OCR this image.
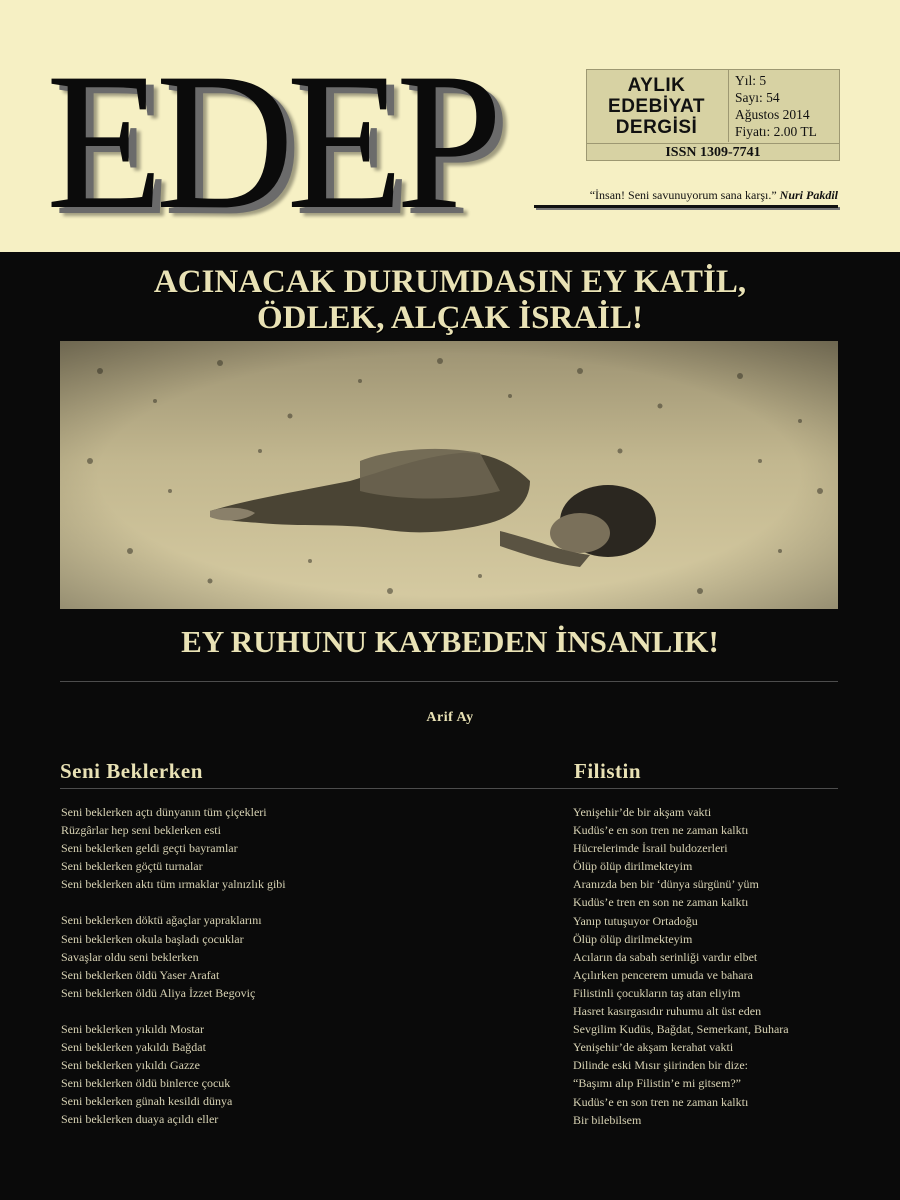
EDEP	AYLIK
EDEBİYAT
DERGİSİ
Yıl: 5
Sayı: 54
Ağustos 2014
Fiyatı: 2.00 TL
ISSN 1309-7741
“İnsan! Seni savunuyorum sana karşı.” Nuri Pakdil
ACINACAK DURUMDASIN EY KATİL,
ÖDLEK, ALÇAK İSRAİL!
EY RUHUNU KAYBEDEN İNSANLIK!
Arif Ay
Seni Beklerken
Seni beklerken açtı dünyanın tüm çiçekleri
Rüzgârlar hep seni beklerken esti
Seni beklerken geldi geçti bayramlar
Seni beklerken göçtü turnalar
Seni beklerken aktı tüm ırmaklar yalnızlık gibi
Seni beklerken döktü ağaçlar yapraklarını
Seni beklerken okula başladı çocuklar
Savaşlar oldu seni beklerken
Seni beklerken öldü Yaser Arafat
Seni beklerken öldü Aliya İzzet Begoviç
Seni beklerken yıkıldı Mostar
Seni beklerken yakıldı Bağdat
Seni beklerken yıkıldı Gazze
Seni beklerken öldü binlerce çocuk
Seni beklerken günah kesildi dünya
Seni beklerken duaya açıldı eller
Filistin
Yenişehir’de bir akşam vakti
Kudüs’e en son tren ne zaman kalktı
Hücrelerimde İsrail buldozerleri
Ölüp ölüp dirilmekteyim
Aranızda ben bir ‘dünya sürgünü’ yüm
Kudüs’e tren en son ne zaman kalktı
Yanıp tutuşuyor Ortadoğu
Ölüp ölüp dirilmekteyim
Acıların da sabah serinliği vardır elbet
Açılırken pencerem umuda ve bahara
Filistinli çocukların taş atan eliyim
Hasret kasırgasıdır ruhumu alt üst eden
Sevgilim Kudüs, Bağdat, Semerkant, Buhara
Yenişehir’de akşam kerahat vakti
Dilinde eski Mısır şiirinden bir dize:
“Başımı alıp Filistin’e mi gitsem?”
Kudüs’e en son tren ne zaman kalktı
Bir bilebilsem
